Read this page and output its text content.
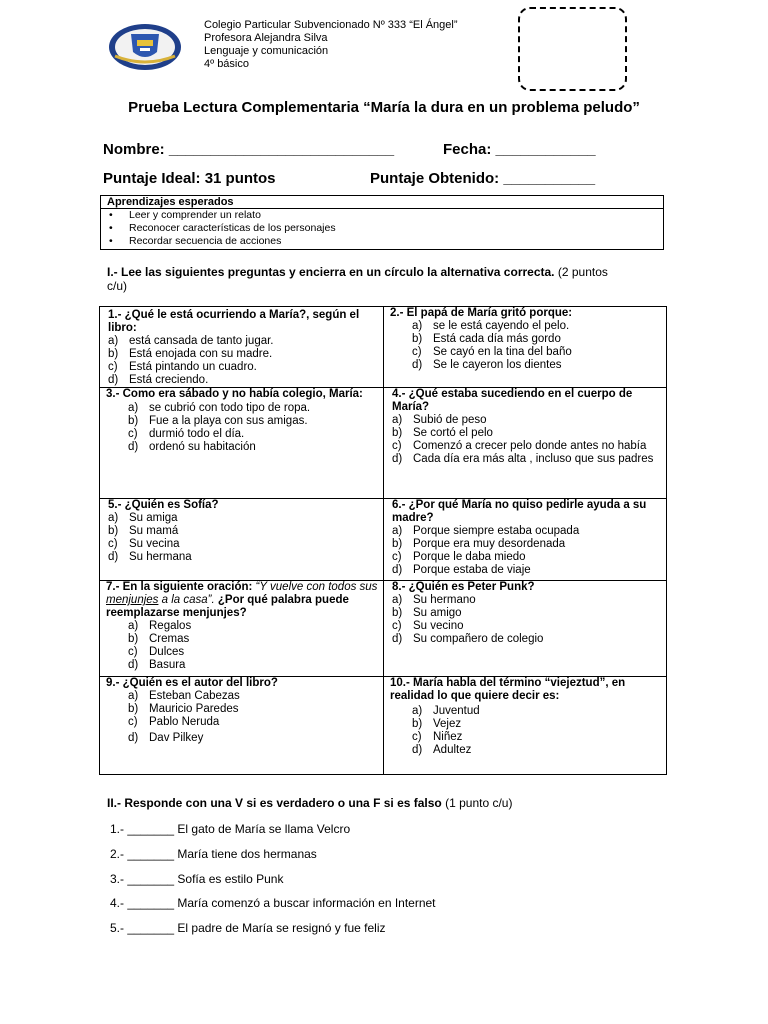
Colegio Particular Subvencionado Nº 333 “El Ángel”
Profesora Alejandra Silva
Lenguaje y comunicación
4º básico
Prueba Lectura Complementaria “María la dura en un problema peludo”
Nombre: ___________________________	Fecha: ____________
Puntaje Ideal: 31 puntos	Puntaje Obtenido: ___________
Aprendizajes esperados
• Leer y comprender un relato
• Reconocer características de los personajes
• Recordar secuencia de acciones
I.- Lee las siguientes preguntas y encierra en un círculo la alternativa correcta. (2 puntos c/u)
1.- ¿Qué le está ocurriendo a María?, según el libro:
a) está cansada de tanto jugar.
b) Está enojada con su madre.
c) Está pintando un cuadro.
d) Está creciendo.
2.- El papá de María gritó porque:
a) se le está cayendo el pelo.
b) Está cada día más gordo
c) Se cayó en la tina del baño
d) Se le cayeron los dientes
3.- Como era sábado y no había colegio, María:
a) se cubrió con todo tipo de ropa.
b) Fue a la playa con sus amigas.
c) durmió todo el día.
d) ordenó su habitación
4.- ¿Qué estaba sucediendo en el cuerpo de María?
a) Subió de peso
b) Se cortó el pelo
c) Comenzó a crecer pelo donde antes no había
d) Cada día era más alta , incluso que sus padres
5.- ¿Quién es Sofía?
a) Su amiga
b) Su mamá
c) Su vecina
d) Su hermana
6.- ¿Por qué María no quiso pedirle ayuda a su madre?
a) Porque siempre estaba ocupada
b) Porque era muy desordenada
c) Porque le daba miedo
d) Porque estaba de viaje
7.- En la siguiente oración: “Y vuelve con todos sus menjunjes a la casa”. ¿Por qué palabra puede reemplazarse menjunjes?
a) Regalos
b) Cremas
c) Dulces
d) Basura
8.- ¿Quién es Peter Punk?
a) Su hermano
b) Su amigo
c) Su vecino
d) Su compañero de colegio
9.- ¿Quién es el autor del libro?
a) Esteban Cabezas
b) Mauricio Paredes
c) Pablo Neruda
d) Dav Pilkey
10.- María habla del término “viejeztud”, en realidad lo que quiere decir es:
a) Juventud
b) Vejez
c) Niñez
d) Adultez
II.- Responde con una V si es verdadero o una F si es falso (1 punto c/u)
1.- _______ El gato de María se llama Velcro
2.- _______ María tiene dos hermanas
3.- _______ Sofía es estilo Punk
4.- _______ María comenzó a buscar información en Internet
5.- _______ El padre de María se resignó y fue feliz
